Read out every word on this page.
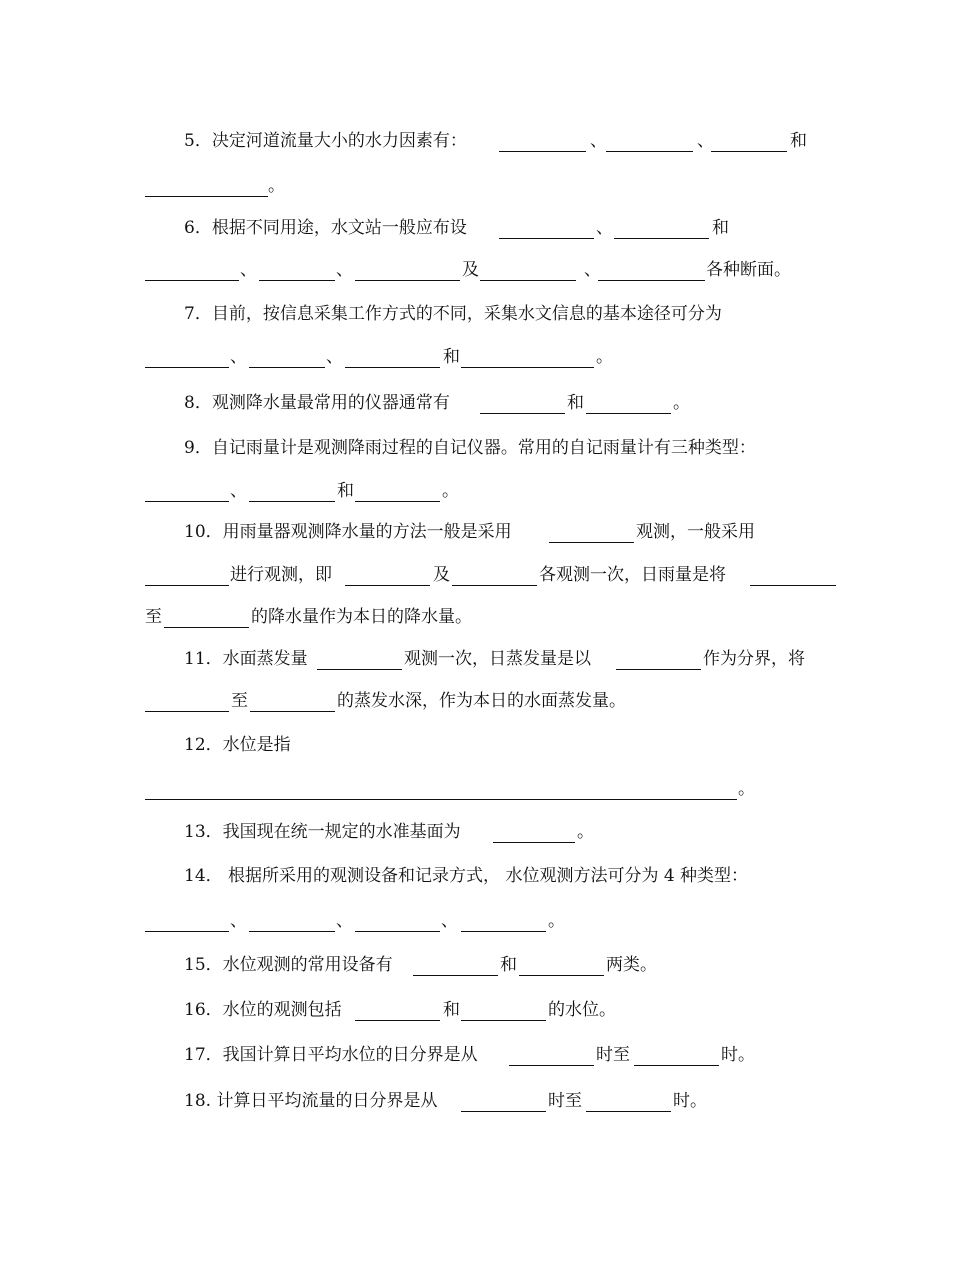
5．决定河道流量大小的水力因素有：	、	、	和
。
6．根据不同用途，水文站一般应布设	、	和
、	、	及	、	各种断面。
7．目前，按信息采集工作方式的不同，采集水文信息的基本途径可分为
、	、	和	。
8．观测降水量最常用的仪器通常有	和	。
9．自记雨量计是观测降雨过程的自记仪器。常用的自记雨量计有三种类型：
、	和	。
10．用雨量器观测降水量的方法一般是采用	观测，一般采用
进行观测，即	及	各观测一次，日雨量是将
至	的降水量作为本日的降水量。
11．水面蒸发量	观测一次，日蒸发量是以	作为分界，将
至	的蒸发水深，作为本日的水面蒸发量。
12．水位是指
。
13．我国现在统一规定的水准基面为	。
14． 根据所采用的观测设备和记录方式， 水位观测方法可分为 4 种类型：
、	、	、	。
15．水位观测的常用设备有	和	两类。
16．水位的观测包括	和	的水位。
17．我国计算日平均水位的日分界是从	时至	时。
18. 计算日平均流量的日分界是从	时至	时。
